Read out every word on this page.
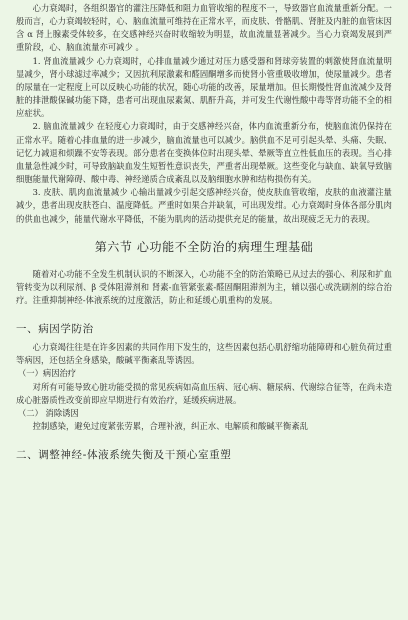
心力衰竭时，各组织器官的灌注压降低和阻力血管收缩的程度不一，导致器官血流量重新分配。一般而言，心力衰竭较轻时，心、脑血流量可维持在正常水平，而皮肤、骨骼肌、肾脏及内脏的血管床因含 α 肾上腺素受体较多，在交感神经兴奋时收缩较为明显，故血流量显著减少。当心力衰竭发展到严重阶段，心、脑血流量亦可减少 。

1. 肾血流量减少 心力衰竭时，心排血量减少通过对压力感受器和肾球旁装置的刺激使肾血流量明显减少，肾小球滤过率减少；又因抗利尿激素和醛固酮增多而使肾小管重吸收增加，使尿量减少。患者的尿量在一定程度上可以反映心功能的状况，随心功能的改善，尿量增加。但长期慢性肾血流减少及肾脏的排泄酸保碱功能下降，患者可出现血尿素氮、肌酐升高，并可发生代谢性酸中毒等肾功能不全的相应症状。

2. 脑血流量减少 在轻度心力衰竭时，由于交感神经兴奋，体内血流重新分布，使脑血流仍保持在正常水平。随着心排血量的进一步减少，脑血流量也可以减少。脑供血不足可引起头晕、头痛、失眠、记忆力减退和烦躁不安等表现。部分患者在变换体位时出现头晕、晕厥等直立性低血压的表现。当心排血量急性减少时，可导致脑缺血发生短暂性意识丧失，严重者出现晕厥。这些变化与缺血、缺氧导致脑细胞能量代谢障碍、酸中毒、神经递质合成紊乱以及脑细胞水肿和结构损伤有关。

3. 皮肤、肌肉血流量减少 心输出量减少引起交感神经兴奋，使皮肤血管收缩，皮肤的血液灌注量减少，患者出现皮肤苍白、温度降低。严重时如果合并缺氧，可出现发绀。心力衰竭时身体各部分肌肉的供血也减少，能量代谢水平降低，不能为肌肉的活动提供充足的能量，故出现疲乏无力的表现。

第六节 心功能不全防治的病理生理基础

随着对心功能不全发生机制认识的不断深入，心功能不全的防治策略已从过去的强心、利尿和扩血管转变为以利尿剂、β 受体阻滞剂和 肾素-血管紧张素-醛固酮阻滞剂为主，辅以强心或洗刷剂的综合治疗。注重抑制神经-体液系统的过度激活，防止和延缓心肌重构的发展。

一、病因学防治

心力衰竭往往是在许多因素的共同作用下发生的，这些因素包括心肌舒缩功能障碍和心脏负荷过重等病因，还包括全身感染，酸碱平衡紊乱等诱因。

（一）病因治疗

对所有可能导致心脏功能受损的常见疾病如高血压病、冠心病、糖尿病、代谢综合征等，在尚未造成心脏器质性改变前即应早期进行有效治疗，延缓疾病进展。

（二） 消除诱因

控制感染，避免过度紧张劳累，合理补液，纠正水、电解质和酸碱平衡紊乱

二、调整神经-体液系统失衡及干预心室重塑
